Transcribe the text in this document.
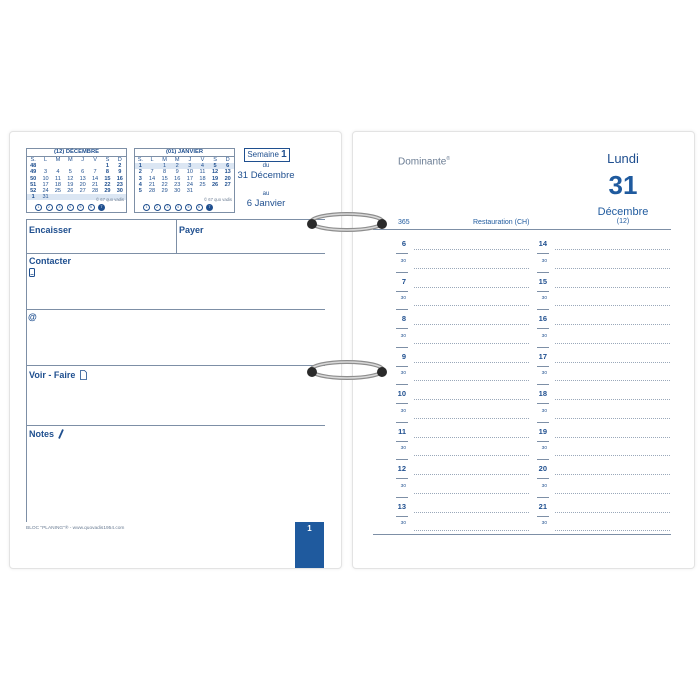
(12) DÉCEMBRE
S.	L	M	M	J	V	S	D
48						1	2
49	3	4	5	6	7	8	9
50	10	11	12	13	14	15	16
51	17	18	19	20	21	22	23
52	24	25	26	27	28	29	30
1	31							© 67 quo vadis
1	2	3	4	5	6	7
(01) JANVIER
S.	L	M	M	J	V	S	D
1		1	2	3	4	5	6
2	7	8	9	10	11	12	13
3	14	15	16	17	18	19	20
4	21	22	23	24	25	26	27
5	28	29	30	31			
© 67 quo vadis
1	2	3	4	5	6	7
Semaine 1
du
31 Décembre
au
6 Janvier
Encaisser	Payer
Contacter
@
Voir - Faire
Notes
BLOC "PLANING"® - www.quovadis1954.com	1
Dominante®	Lundi
31
Décembre
(12)
365	Restauration (CH)
6
30
7
30
8
30
9
30
10
30
11
30
12
30
13
30
14
30
15
30
16
30
17
30
18
30
19
30
20
30
21
30
